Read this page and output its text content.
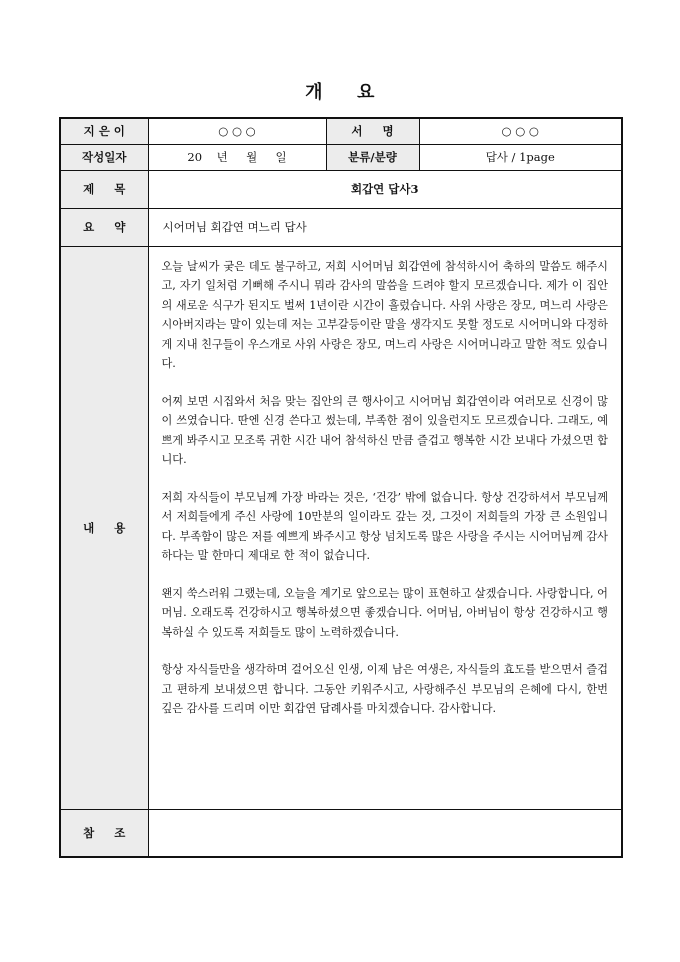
개 요
지 은 이	○ ○ ○	서     명	○ ○ ○
작성일자	20    년     월     일	분류/분량	답사 / 1page
제     목	회갑연 답사3		
요     약	시어머님 회갑연 며느리 답사		
내     용	오늘 날씨가 궂은 데도 불구하고, 저희 시어머님 회갑연에 참석하시어 축하의 말씀도 해주시고, 자기 일처럼 기뻐해 주시니 뭐라 감사의 말씀을 드려야 할지 모르겠습니다. 제가 이 집안의 새로운 식구가 된지도 벌써 1년이란 시간이 흘렀습니다. 사위 사랑은 장모, 며느리 사랑은 시아버지라는 말이 있는데 저는 고부갈등이란 말을 생각지도 못할 정도로 시어머니와 다정하게 지내 친구들이 우스개로 사위 사랑은 장모, 며느리 사랑은 시어머니라고 말한 적도 있습니다.

어찌 보면 시집와서 처음 맞는 집안의 큰 행사이고 시어머님 회갑연이라 여러모로 신경이 많이 쓰였습니다. 딴엔 신경 쓴다고 썼는데, 부족한 점이 있을런지도 모르겠습니다. 그래도, 예쁘게 봐주시고 모조록 귀한 시간 내어 참석하신 만큼 즐겁고 행복한 시간 보내다 가셨으면 합니다.

저희 자식들이 부모님께 가장 바라는 것은, ‘건강’ 밖에 없습니다. 항상 건강하셔서 부모님께서 저희들에게 주신 사랑에 10만분의 일이라도 갚는 것, 그것이 저희들의 가장 큰 소원입니다. 부족함이 많은 저를 예쁘게 봐주시고 항상 넘치도록 많은 사랑을 주시는 시어머님께 감사하다는 말 한마디 제대로 한 적이 없습니다.

왠지 쑥스러워 그랬는데, 오늘을 계기로 앞으로는 많이 표현하고 살겠습니다. 사랑합니다, 어머님. 오래도록 건강하시고 행복하셨으면 좋겠습니다. 어머님, 아버님이 항상 건강하시고 행복하실 수 있도록 저희들도 많이 노력하겠습니다.

항상 자식들만을 생각하며 걸어오신 인생, 이제 남은 여생은, 자식들의 효도를 받으면서 즐겁고 편하게 보내셨으면 합니다. 그동안 키워주시고, 사랑해주신 부모님의 은혜에 다시, 한번 깊은 감사를 드리며 이만 회갑연 답례사를 마치겠습니다. 감사합니다.		

참     조			
